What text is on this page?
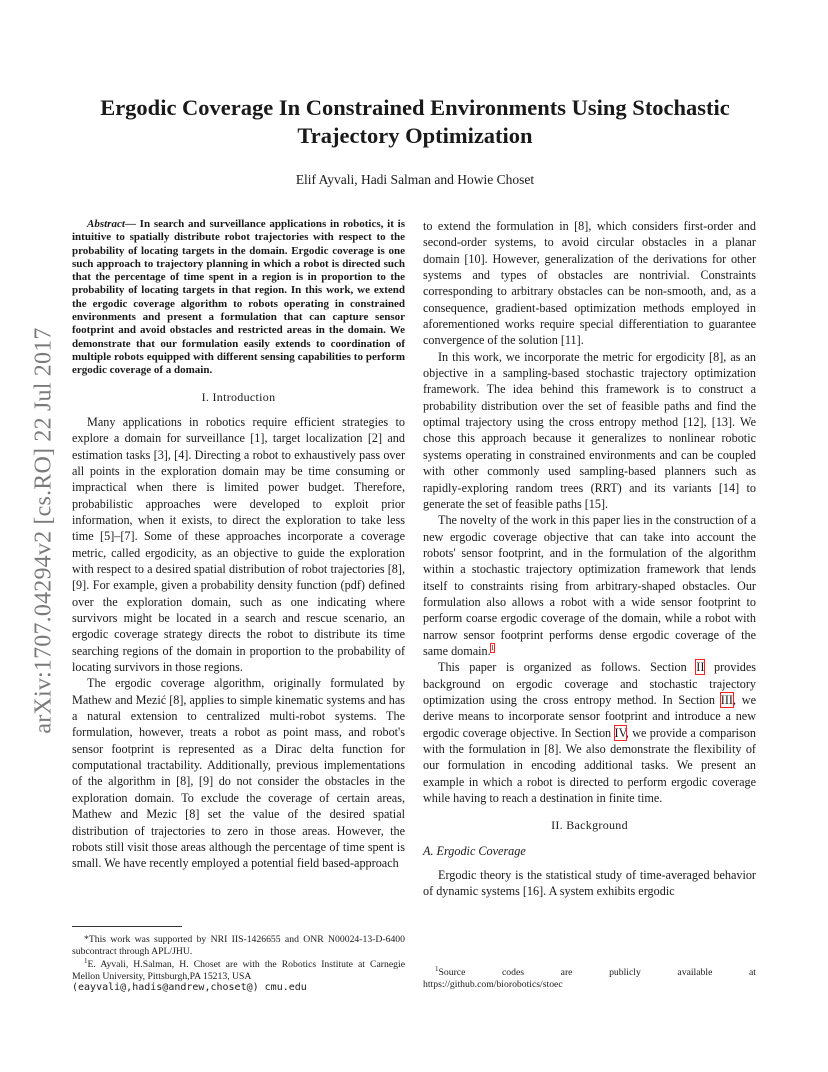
arXiv:1707.04294v2 [cs.RO] 22 Jul 2017
Ergodic Coverage In Constrained Environments Using Stochastic
Trajectory Optimization
Elif Ayvali, Hadi Salman and Howie Choset

Abstract— In search and surveillance applications in robotics, it is intuitive to spatially distribute robot trajectories with respect to the probability of locating targets in the domain. Ergodic coverage is one such approach to trajectory planning in which a robot is directed such that the percentage of time spent in a region is in proportion to the probability of locating targets in that region. In this work, we extend the ergodic coverage algorithm to robots operating in constrained environments and present a formulation that can capture sensor footprint and avoid obstacles and restricted areas in the domain. We demonstrate that our formulation easily extends to coordination of multiple robots equipped with different sensing capabilities to perform ergodic coverage of a domain.

I. Introduction

Many applications in robotics require efficient strategies to explore a domain for surveillance [1], target localization [2] and estimation tasks [3], [4]. Directing a robot to exhaustively pass over all points in the exploration domain may be time consuming or impractical when there is limited power budget. Therefore, probabilistic approaches were developed to exploit prior information, when it exists, to direct the exploration to take less time [5]–[7]. Some of these approaches incorporate a coverage metric, called ergodicity, as an objective to guide the exploration with respect to a desired spatial distribution of robot trajectories [8], [9]. For example, given a probability density function (pdf) defined over the exploration domain, such as one indicating where survivors might be located in a search and rescue scenario, an ergodic coverage strategy directs the robot to distribute its time searching regions of the domain in proportion to the probability of locating survivors in those regions.

The ergodic coverage algorithm, originally formulated by Mathew and Mezić [8], applies to simple kinematic systems and has a natural extension to centralized multi-robot systems. The formulation, however, treats a robot as point mass, and robot's sensor footprint is represented as a Dirac delta function for computational tractability. Additionally, previous implementations of the algorithm in [8], [9] do not consider the obstacles in the exploration domain. To exclude the coverage of certain areas, Mathew and Mezic [8] set the value of the desired spatial distribution of trajectories to zero in those areas. However, the robots still visit those areas although the percentage of time spent is small. We have recently employed a potential field based-approach

to extend the formulation in [8], which considers first-order and second-order systems, to avoid circular obstacles in a planar domain [10]. However, generalization of the derivations for other systems and types of obstacles are nontrivial. Constraints corresponding to arbitrary obstacles can be non-smooth, and, as a consequence, gradient-based optimization methods employed in aforementioned works require special differentiation to guarantee convergence of the solution [11].

In this work, we incorporate the metric for ergodicity [8], as an objective in a sampling-based stochastic trajectory optimization framework. The idea behind this framework is to construct a probability distribution over the set of feasible paths and find the optimal trajectory using the cross entropy method [12], [13]. We chose this approach because it generalizes to nonlinear robotic systems operating in constrained environments and can be coupled with other commonly used sampling-based planners such as rapidly-exploring random trees (RRT) and its variants [14] to generate the set of feasible paths [15].

The novelty of the work in this paper lies in the construction of a new ergodic coverage objective that can take into account the robots' sensor footprint, and in the formulation of the algorithm within a stochastic trajectory optimization framework that lends itself to constraints rising from arbitrary-shaped obstacles. Our formulation also allows a robot with a wide sensor footprint to perform coarse ergodic coverage of the domain, while a robot with narrow sensor footprint performs dense ergodic coverage of the same domain.$^1$

This paper is organized as follows. Section II provides background on ergodic coverage and stochastic trajectory optimization using the cross entropy method. In Section III, we derive means to incorporate sensor footprint and introduce a new ergodic coverage objective. In Section IV, we provide a comparison with the formulation in [8]. We also demonstrate the flexibility of our formulation in encoding additional tasks. We present an example in which a robot is directed to perform ergodic coverage while having to reach a destination in finite time.

II. Background
A. Ergodic Coverage

Ergodic theory is the statistical study of time-averaged behavior of dynamic systems [16]. A system exhibits ergodic

*This work was supported by NRI IIS-1426655 and ONR N00024-13-D-6400 subcontract through APL/JHU.

$^1$E. Ayvali, H.Salman, H. Choset are with the Robotics Institute at Carnegie Mellon University, Pittsburgh,PA 15213, USA
(eayvali@,hadis@andrew,choset@) cmu.edu

$^1$Source	codes	are	publicly	available	at
https://github.com/biorobotics/stoec
